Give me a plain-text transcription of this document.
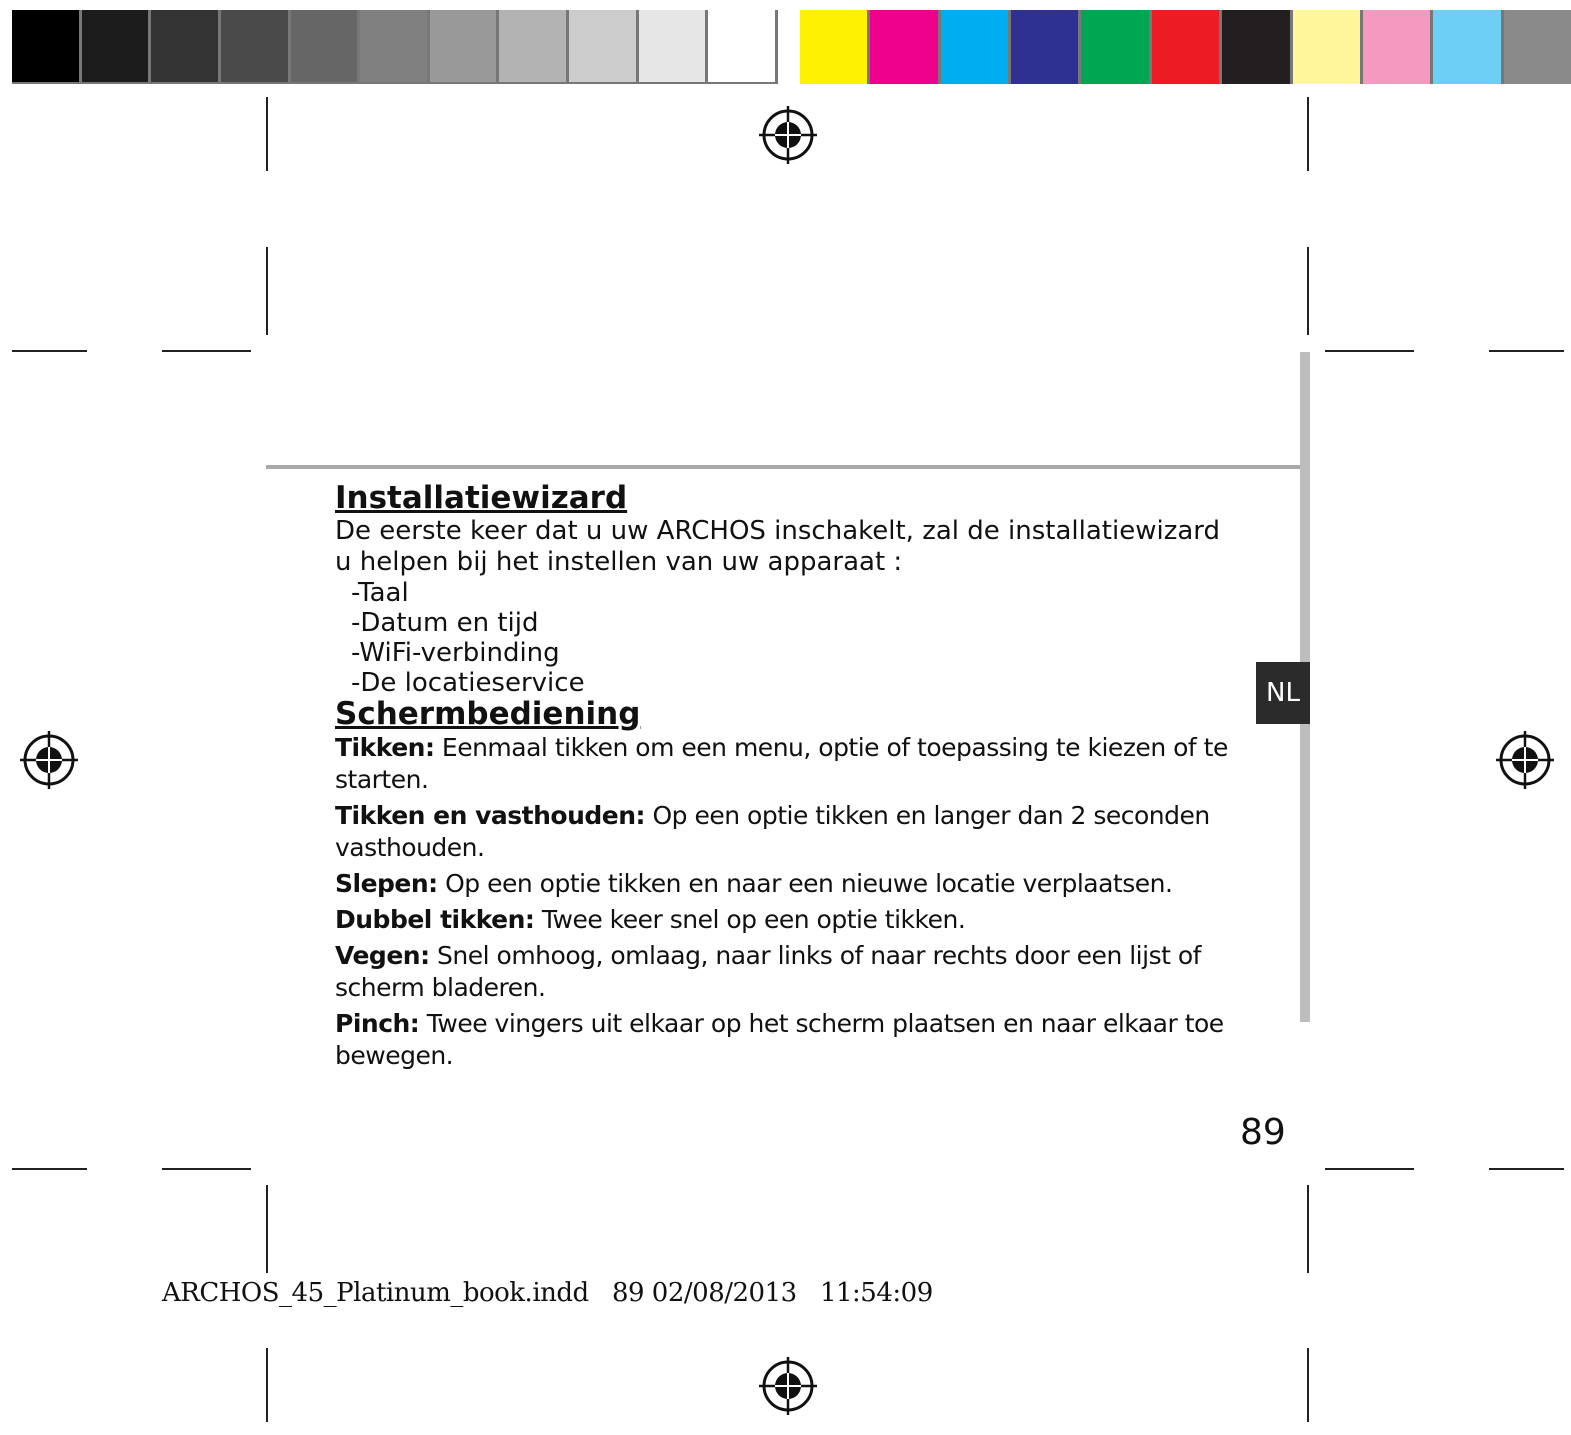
NL
Installatiewizard

De eerste keer dat u uw ARCHOS inschakelt, zal de installatiewizard u helpen bij het instellen van uw apparaat :

-Taal
-Datum en tijd
-WiFi-verbinding
-De locatieservice
Schermbediening

Tikken: Eenmaal tikken om een menu, optie of toepassing te kiezen of te starten.

Tikken en vasthouden: Op een optie tikken en langer dan 2 seconden vasthouden.

Slepen: Op een optie tikken en naar een nieuwe locatie verplaatsen.

Dubbel tikken: Twee keer snel op een optie tikken.

Vegen: Snel omhoog, omlaag, naar links of naar rechts door een lijst of scherm bladeren.

Pinch: Twee vingers uit elkaar op het scherm plaatsen en naar elkaar toe bewegen.

89
ARCHOS_45_Platinum_book.indd   89 02/08/2013   11:54:09
